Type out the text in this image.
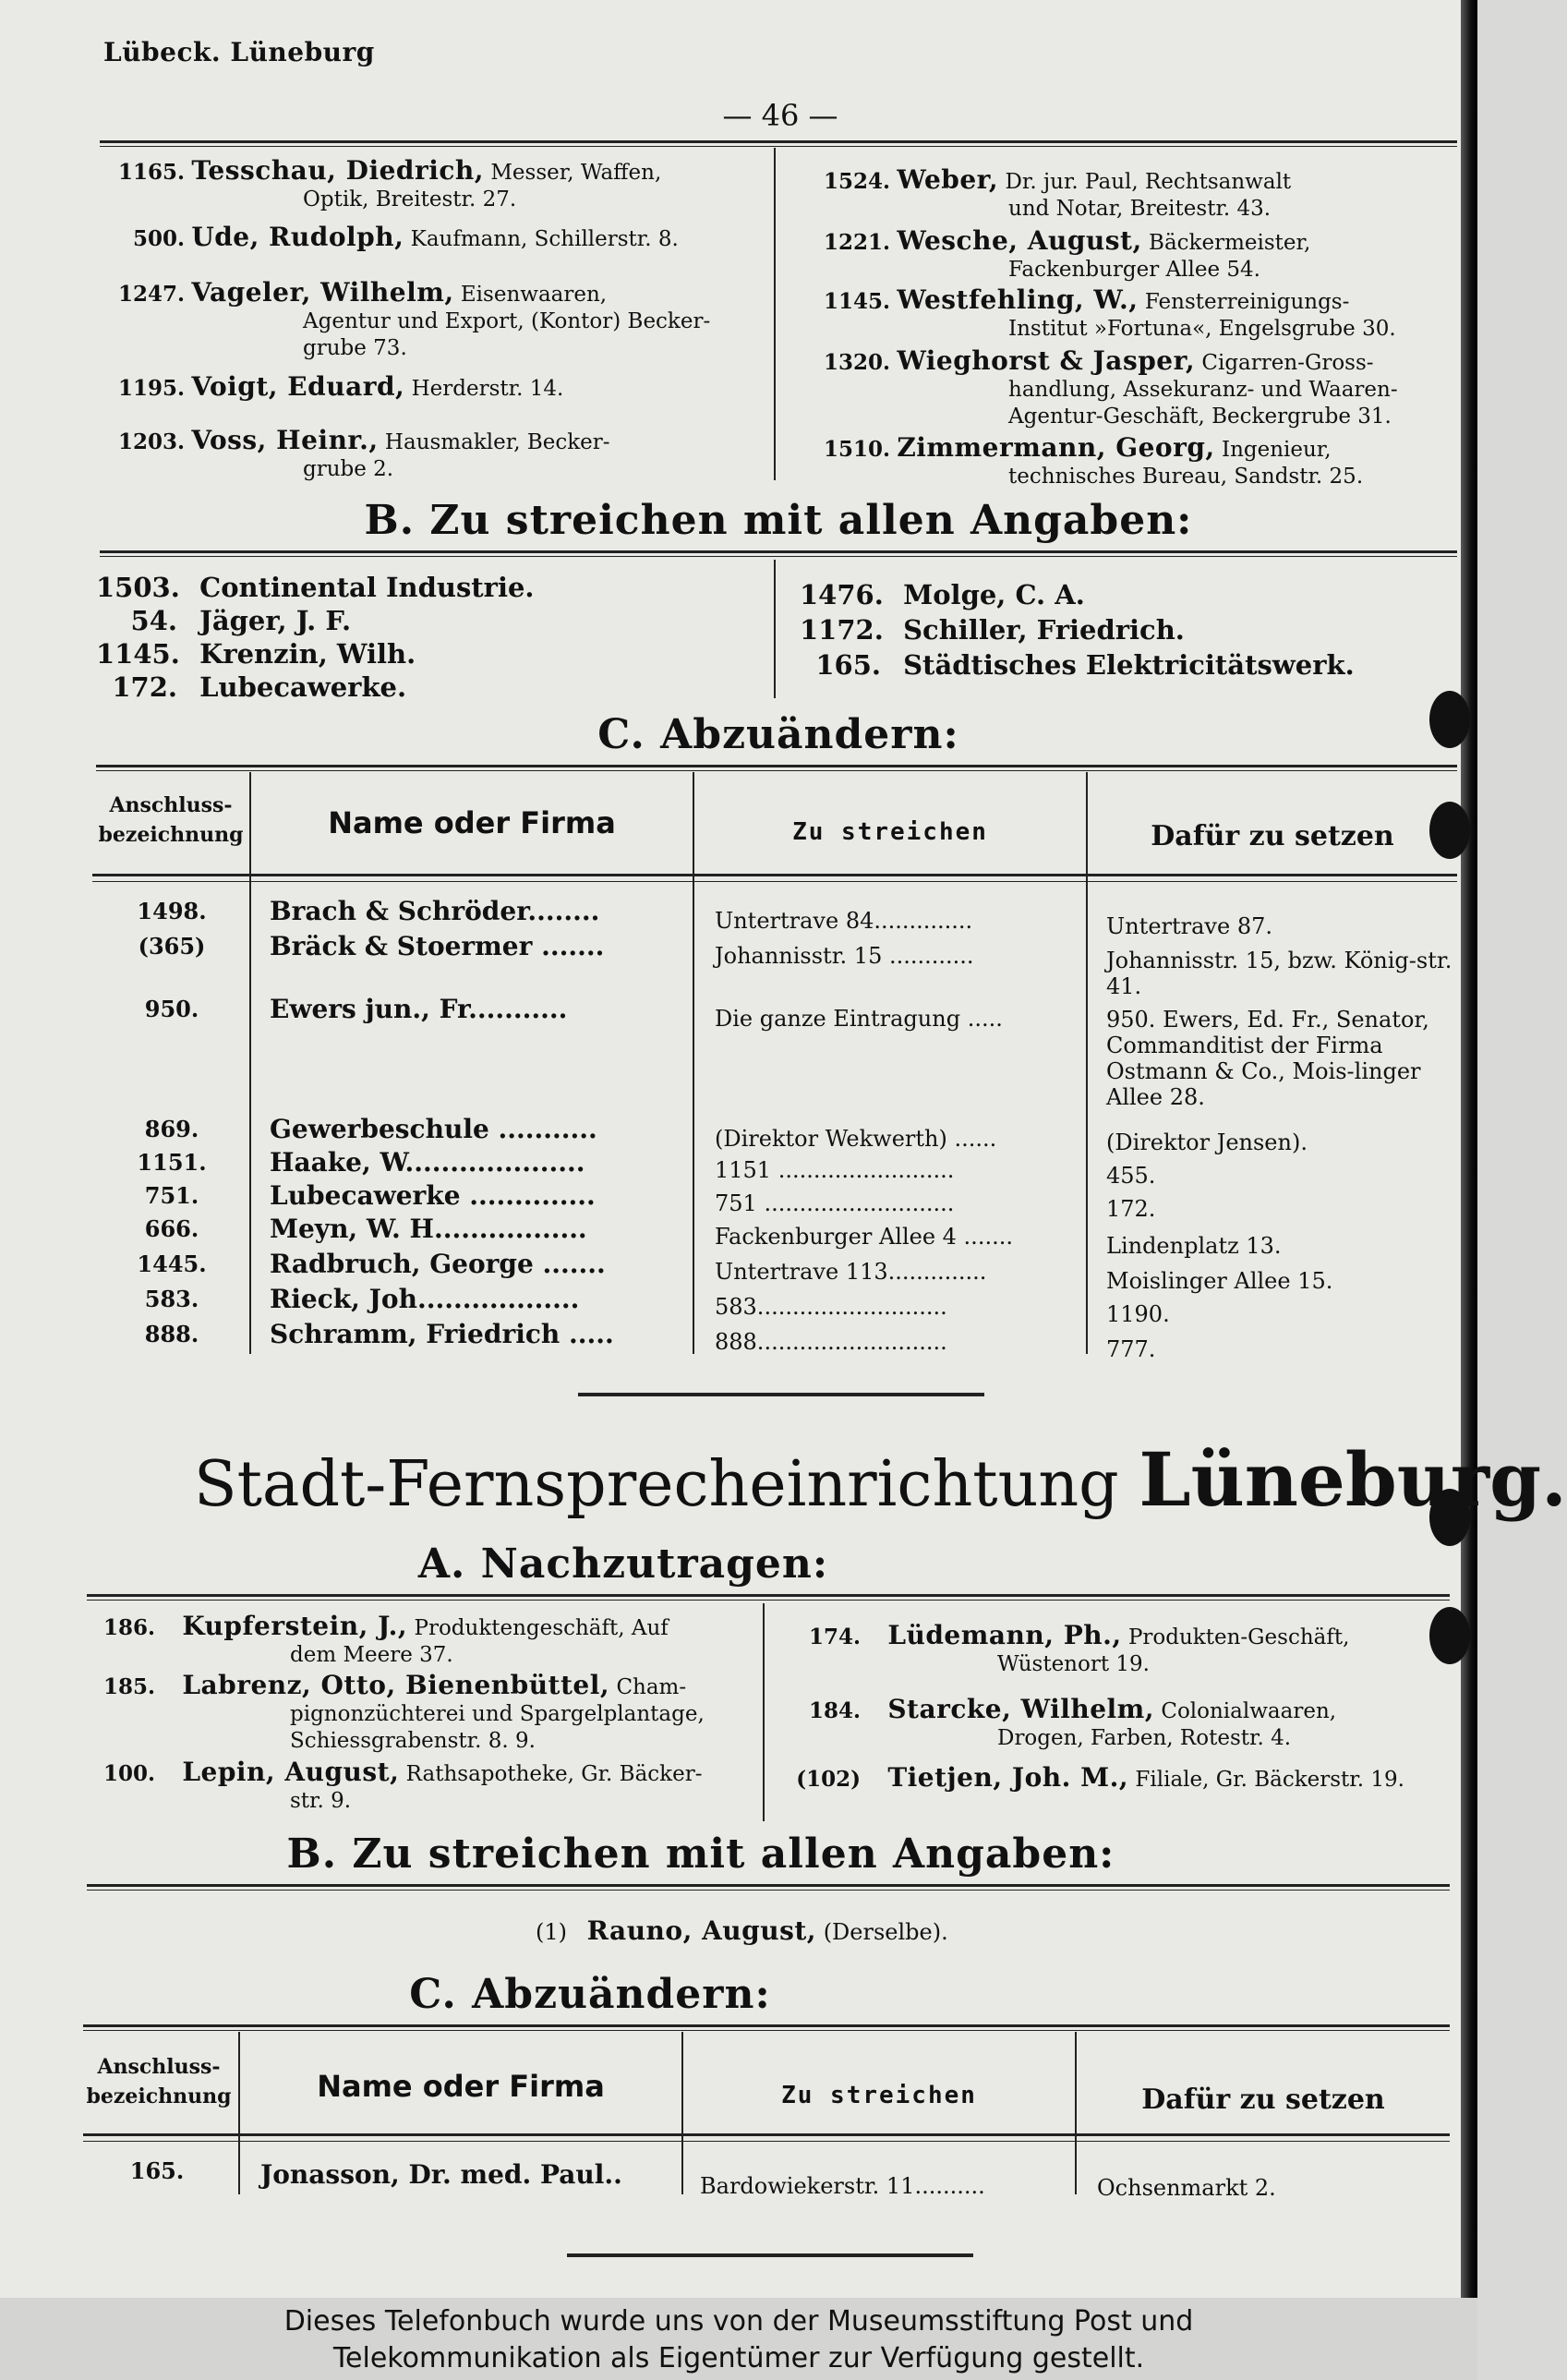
Lübeck. Lüneburg
— 46 —
1165. Tesschau, Diedrich, Messer, Waffen,
Optik, Breitestr. 27.
500. Ude, Rudolph, Kaufmann, Schillerstr. 8.
1247. Vageler, Wilhelm, Eisenwaaren,
Agentur und Export, (Kontor) Becker-grube 73.
1195. Voigt, Eduard, Herderstr. 14.
1203. Voss, Heinr., Hausmakler, Becker-
grube 2.
1524. Weber, Dr. jur. Paul, Rechtsanwalt
und Notar, Breitestr. 43.
1221. Wesche, August, Bäckermeister,
Fackenburger Allee 54.
1145. Westfehling, W., Fensterreinigungs-
Institut »Fortuna«, Engelsgrube 30.
1320. Wieghorst & Jasper, Cigarren-Gross-
handlung, Assekuranz- und Waaren-Agentur-Geschäft, Beckergrube 31.
1510. Zimmermann, Georg, Ingenieur,
technisches Bureau, Sandstr. 25.
B. Zu streichen mit allen Angaben:
1503. Continental Industrie.
54. Jäger, J. F.
1145. Krenzin, Wilh.
172. Lubecawerke.
1476. Molge, C. A.
1172. Schiller, Friedrich.
165. Städtisches Elektricitätswerk.
C. Abzuändern:
Anschluss-bezeichnung	Name oder Firma	Zu streichen	Dafür zu setzen
1498.	Brach & Schröder........	Untertrave 84..............	Untertrave 87.
(365)	Bräck & Stoermer .......	Johannisstr. 15 ............	Johannisstr. 15, bzw. König-str. 41.
950.	Ewers jun., Fr...........	Die ganze Eintragung .....	950. Ewers, Ed. Fr., Senator, Commanditist der Firma Ostmann & Co., Mois-linger Allee 28.
869.	Gewerbeschule ...........	(Direktor Wekwerth) ......	(Direktor Jensen).
1151.	Haake, W....................	1151 .........................	455.
751.	Lubecawerke ..............	751 ...........................	172.
666.	Meyn, W. H.................	Fackenburger Allee 4 .......	Lindenplatz 13.
1445.	Radbruch, George .......	Untertrave 113..............	Moislinger Allee 15.
583.	Rieck, Joh..................	583...........................	1190.
888.	Schramm, Friedrich .....	888...........................	777.
Stadt-Fernsprecheinrichtung Lüneburg.
A. Nachzutragen:
186. Kupferstein, J., Produktengeschäft, Auf
dem Meere 37.
185. Labrenz, Otto, Bienenbüttel, Cham-
pignonzüchterei und Spargelplantage, Schiessgrabenstr. 8. 9.
100. Lepin, August, Rathsapotheke, Gr. Bäcker-
str. 9.
174. Lüdemann, Ph., Produkten-Geschäft,
Wüstenort 19.
184. Starcke, Wilhelm, Colonialwaaren,
Drogen, Farben, Rotestr. 4.
(102) Tietjen, Joh. M., Filiale, Gr. Bäckerstr. 19.
B. Zu streichen mit allen Angaben:
(1) Rauno, August, (Derselbe).
C. Abzuändern:
Anschluss-bezeichnung	Name oder Firma	Zu streichen	Dafür zu setzen
165.	Jonasson, Dr. med. Paul..	Bardowiekerstr. 11..........	Ochsenmarkt 2.
Dieses Telefonbuch wurde uns von der Museumsstiftung Post und
Telekommunikation als Eigentümer zur Verfügung gestellt.
